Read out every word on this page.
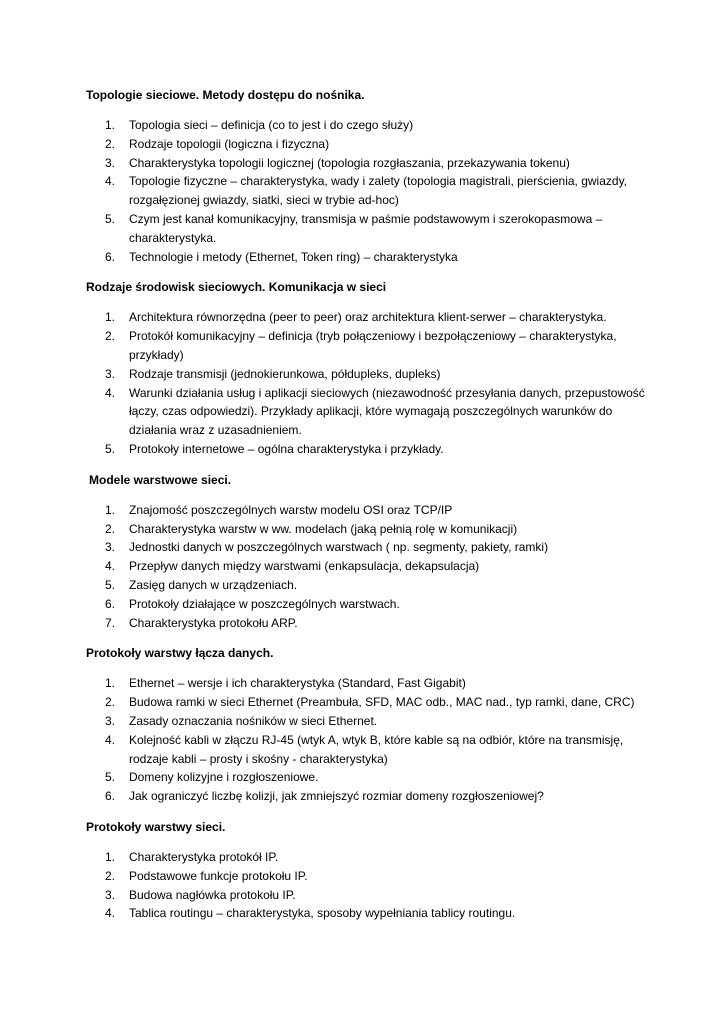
Topologie sieciowe. Metody dostępu do nośnika.

1. Topologia sieci – definicja (co to jest i do czego służy)
2. Rodzaje topologii (logiczna i fizyczna)
3. Charakterystyka topologii logicznej (topologia rozgłaszania, przekazywania tokenu)
4. Topologie fizyczne – charakterystyka, wady i zalety (topologia magistrali, pierścienia, gwiazdy, rozgałęzionej gwiazdy, siatki, sieci w trybie ad-hoc)
5. Czym jest kanał komunikacyjny, transmisja w paśmie podstawowym i szerokopasmowa – charakterystyka.
6. Technologie i metody (Ethernet, Token ring) – charakterystyka

Rodzaje środowisk sieciowych. Komunikacja w sieci

1. Architektura równorzędna (peer to peer) oraz architektura klient-serwer – charakterystyka.
2. Protokół komunikacyjny – definicja (tryb połączeniowy i bezpołączeniowy – charakterystyka, przykłady)
3. Rodzaje transmisji (jednokierunkowa, półdupleks, dupleks)
4. Warunki działania usług i aplikacji sieciowych (niezawodność przesyłania danych, przepustowość łączy, czas odpowiedzi). Przykłady aplikacji, które wymagają poszczególnych warunków do działania wraz z uzasadnieniem.
5. Protokoły internetowe – ogólna charakterystyka i przykłady.

Modele warstwowe sieci.

1. Znajomość poszczególnych warstw modelu OSI oraz TCP/IP
2. Charakterystyka warstw w ww. modelach (jaką pełnią rolę w komunikacji)
3. Jednostki danych w poszczególnych warstwach ( np. segmenty, pakiety, ramki)
4. Przepływ danych między warstwami (enkapsulacja, dekapsulacja)
5. Zasięg danych w urządzeniach.
6. Protokoły działające w poszczególnych warstwach.
7. Charakterystyka protokołu ARP.

Protokoły warstwy łącza danych.

1. Ethernet – wersje i ich charakterystyka (Standard, Fast Gigabit)
2. Budowa ramki w sieci Ethernet (Preambuła, SFD, MAC odb., MAC nad., typ ramki, dane, CRC)
3. Zasady oznaczania nośników w sieci Ethernet.
4. Kolejność kabli w złączu RJ-45 (wtyk A, wtyk B, które kable są na odbiór, które na transmisję, rodzaje kabli – prosty i skośny - charakterystyka)
5. Domeny kolizyjne i rozgłoszeniowe.
6. Jak ograniczyć liczbę kolizji, jak zmniejszyć rozmiar domeny rozgłoszeniowej?

Protokoły warstwy sieci.

1. Charakterystyka protokół IP.
2. Podstawowe funkcje protokołu IP.
3. Budowa nagłówka protokołu IP.
4. Tablica routingu – charakterystyka, sposoby wypełniania tablicy routingu.
